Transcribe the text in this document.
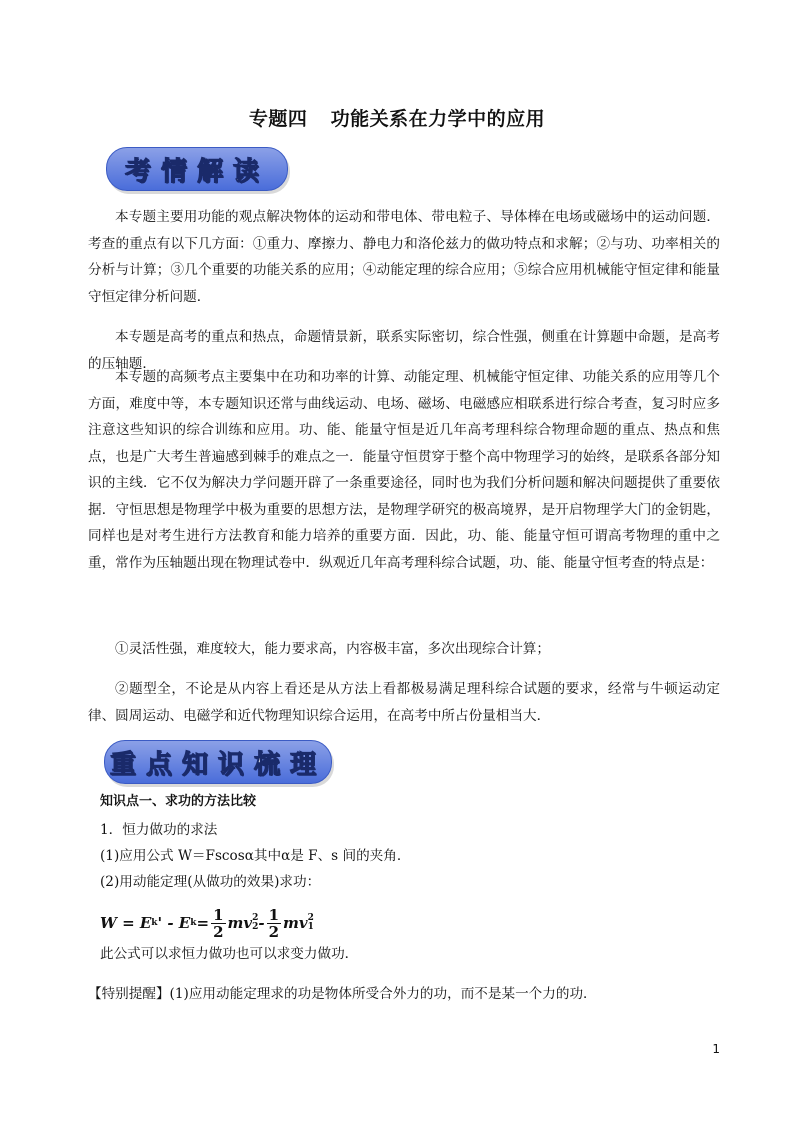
专题四 功能关系在力学中的应用
考情解读

本专题主要用功能的观点解决物体的运动和带电体、带电粒子、导体棒在电场或磁场中的运动问题．考查的重点有以下几方面：①重力、摩擦力、静电力和洛伦兹力的做功特点和求解；②与功、功率相关的分析与计算；③几个重要的功能关系的应用；④动能定理的综合应用；⑤综合应用机械能守恒定律和能量守恒定律分析问题．

本专题是高考的重点和热点，命题情景新，联系实际密切，综合性强，侧重在计算题中命题，是高考的压轴题．

本专题的高频考点主要集中在功和功率的计算、动能定理、机械能守恒定律、功能关系的应用等几个方面，难度中等，本专题知识还常与曲线运动、电场、磁场、电磁感应相联系进行综合考查，复习时应多注意这些知识的综合训练和应用。功、能、能量守恒是近几年高考理科综合物理命题的重点、热点和焦点，也是广大考生普遍感到棘手的难点之一．能量守恒贯穿于整个高中物理学习的始终，是联系各部分知识的主线．它不仅为解决力学问题开辟了一条重要途径，同时也为我们分析问题和解决问题提供了重要依据．守恒思想是物理学中极为重要的思想方法，是物理学研究的极高境界，是开启物理学大门的金钥匙，同样也是对考生进行方法教育和能力培养的重要方面．因此，功、能、能量守恒可谓高考物理的重中之重，常作为压轴题出现在物理试卷中．纵观近几年高考理科综合试题，功、能、能量守恒考查的特点是：

①灵活性强，难度较大，能力要求高，内容极丰富，多次出现综合计算；

②题型全，不论是从内容上看还是从方法上看都极易满足理科综合试题的要求，经常与牛顿运动定律、圆周运动、电磁学和近代物理知识综合运用，在高考中所占份量相当大．

重点知识梳理

知识点一、求功的方法比较

1．恒力做功的求法

(1)应用公式 W＝Fscosα其中α是 F、s 间的夹角．

(2)用动能定理(从做功的效果)求功：

W = E k ' - E $k = \frac{1}{2}$ mv 2
$2 - \frac{1}{2}$ mv 2
1

此公式可以求恒力做功也可以求变力做功．

【特别提醒】(1)应用动能定理求的功是物体所受合外力的功，而不是某一个力的功．

1
